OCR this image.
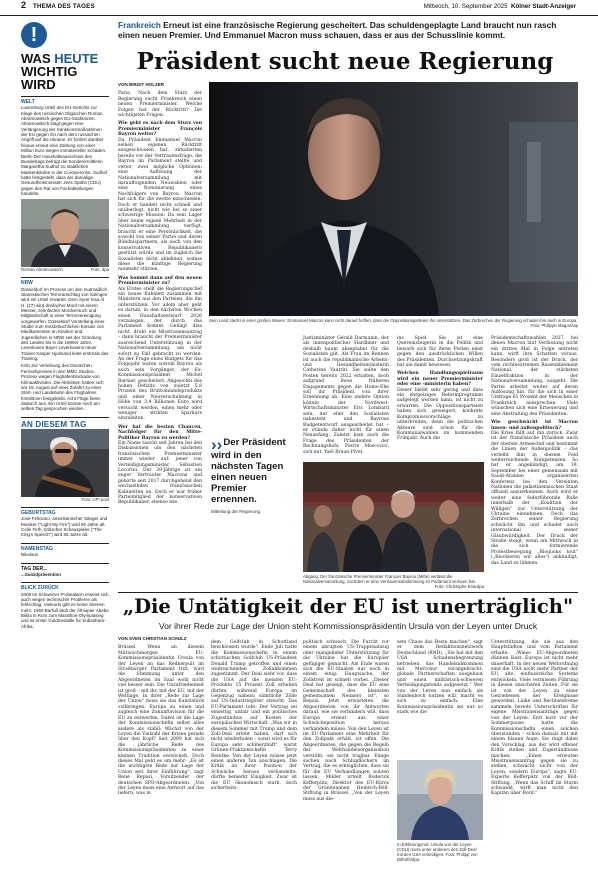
2 THEMA DES TAGES	Mittwoch, 10. September 2025 Kölner Stadt-Anzeiger
!
WAS HEUTE
WICHTIG
WIRD
WELT
Luxemburg Urteil des EU-Gerichts zur Klage des russischen Oligarchen Roman Abramowitsch gegen EU-Sanktionen. Abramowitsch klagt gegen eine Verlängerung der Sanktionsmaßnahmen der EU gegen ihn nach dem russischen Angriff auf die Ukraine. Er fordert darüber hinaus erneut eine Zahlung von einer Million Euro wegen immaterieller Schäden. Berlin Der Haushaltsausschuss des Bundestags befragt die Sonderermittlerin Margaretha Sudhof zu staatlichen Maskenkäufen in der Corona-Krise. Sudhof hatte festgestellt, dass der damalige Gesundheitsminister Jens Spahn (CDU) gegen den Rat von Fachabteilungen handelte.
Roman Abramowitsch	Foto: dpa
NRW
Düsseldorf Im Prozess um den mutmaßlich islamistischen Terroranschlag von Solingen wird ein Urteil erwartet. Dem Syrer Issa Al H. (27) wird dreifacher Mord mit einem Messer, zehnfacher Mordversuch und Mitgliedschaft in einer Terrorvereinigung vorgeworfen. Düsseldorf Vorstellung einer Studie zum missbräuchlichen Einsatz von Medikamenten an Kindern und Jugendlichen in NRW seit der Gründung des Landes bis in die 1980er Jahre. Leverkusen Bayer Leverkusens neuer Trainer Kasper Hjulmand leitet erstmals das Training.
Köln Zur Verleihung des Deutschen Fernsehpreises in den MMC Studios. Prozess wegen Flughafenblockade von Klimaaktivisten. Die Aktivisten hatten sich am 15. August auf einer Zufahrt zu einer Start- und Landebahn des Flughafens Köln/Bonn festgeklebt. Acht Flüge fielen dadurch aus. Ein Urteil könnte noch am selben Tag gesprochen werden.
AN DIESEM TAG
Foto: UPI pool
GEBURTSTAG
José Feliciano, amerikanischer Sänger und Musiker ("Light My Fire") wird 80 Jahre alt. Colin Firth, britischer Schauspieler ("The King's Speech") wird 65 Jahre alt.
NAMENSTAG
Nikolaus
TAG DER...
...Suizidprävention
BLICK ZURÜCK
2008 Im Schweizer Probealarm erweist sich auch wegen technischer Probleme als fehlschlag. Vieleorts gibt es keine Sirenen mehr. 1960 Barfuß läuft der Äthiopier Abebe Bikila in Rom zum Marathon-Olympiasieg und ist erster Goldmedaille für Subsahara-Afrika.
Frankreich Erneut ist eine französische Regierung gescheitert. Das schuldengeplagte Land braucht nun rasch einen neuen Premier. Und Emmanuel Macron muss schauen, dass er aus der Schusslinie kommt.
Präsident sucht neue Regierung
VON BIRGIT HOLZER
Paris. Nach dem Sturz der Regierung sucht Frankreich einen neuen Premierminister. Welche Folgen hat der Rücktritt? Die wichtigsten Fragen.
Wie geht es nach dem Sturz von Premierminister François Bayrou weiter?
Da Präsident Emmanuel Macron seinen eigenen Rücktritt ausgeschlossen hat, zirkulierten bereits vor der Vertrauensfrage, die Bayrou im Parlament stellte und verlor, zwei mögliche Optionen: eine Auflösung der Nationalversammlung mit darauffolgenden Neuwahlen oder eine Nominierung eines Nachfolgers von Bayrou. Macron hat sich für die zweite entschieden. Doch er handelt nicht schnell und unüberlegt, nicht wie bei so einer schwierige Mission: Da sein Lager über keine eigene Mehrheit in der Nationalversammlung verfügt, braucht er eine Persönlichkeit, die sowohl von seiner Partei und deren Bündnispartnern, als auch von den konservativen Republikanern gestützt würde und im zugleich die Sozialisten nicht ablehnen, sodass diese die künftige Regierung nunmehr stürzen.
Was kommt dann auf den neuen Premierminister zu?
Als Erstes stellt die Regierungschef ein neues Kabinett zusammen mit Ministern aus den Parteien, die ihn unterstützen. Vor allem aber geht es darum, in den nächsten Wochen einen Haushaltsentwurf 2026 vorzulegen, der durch das Parlament kommt. Gelingt dies nicht, droht ein Misstrauensantrag – dann braucht der Premierminister ausreichend Unterstützung in der Nationalversammlung, um nicht sofort zu Fall gebracht zu werden. An der Frage eines Budgets für das Folgejahr waren sowohl Bayrou als auch sein Vorgänger, der Ex-Kommissionspräsident Michel Barnier, gescheitert. Angesichts des hohen Defizits von zuletzt 5,8 Prozent des Bruttoinlandsprodukts und einer Neuverschuldung in Höhe von 3,4 Billionen Euro wird versucht werden, einen mehr oder weniger strikten Sparkurs einzuleiten.
Wer hat die besten Chancen, Nachfolger für den Mitte-Politiker Bayrou zu werden?
Ein Name taucht seit Jahren bei den Diskussionen um den nächsten französischen Premierminister immer wieder auf: jener von Verteidigungsminister Sébastien Lecornu. Der 39-Jährige ist ein enger Vertrauter Macrons und gehörte seit 2017 durchgehend den wechselnden französischen Kabinetten an. Doch er war früher Parteimitglied der konservativen Republikaner, ebenso wie
Sein Land steckt in einer großen Misere: Emmanuel Macron kann nicht darauf hoffen, dass die Oppositionsparteien ihn unterstützen. Das Zerbrechen der Regierung schadet ihm auch in Europa.
Foto: Philippe Magoni/ap
››Der Präsident wird in den nächsten Tagen einen neuen Premier ernennen.
Mitteilung der Regierung
Justizminister Gérald Darmanin, der als innenpolitischer Hardliner und deshalb kaum akzeptabel für die Sozialisten gilt. Als Frau im Rennen ist auch die republikanische Arbeits- und Gesundheitsministerin Catherine Vautrin. Sie sollte den Posten bereits 2022 erhalten, doch aufgrund ihres früheren Engagements gegen die Homo-Ehe soll ihr Präsident von ihrer Ernennung ab. Eine andere Option könnte der Nordwest-Wirtschaftsminister Éric Lombard sein, der eher den Sozialisten nahesteht und Bayrous Budgetentwurf ausgearbeitet hat – er stünde daher nicht für einen Neuanfang. Zuletzt kam auch die Frage des Präsidenten der Rechnungshofs, Pierre Moscovici, sich mit, Yaël Braun-Pivet,
ins Spiel. Sie ist eine Quereinsteigerin in die Politik und bewarb sich für ihren Posten einst gegen den ausdrücklichen Willen des Präsidenten. Durchsetzungskraft hat sie damit bewiesen.
Welchen Handlungsspielraum wird ein neuer Premierminister oder eine -ministerin haben?
Dieser bleibt sehr gering und dass ein ehrgeiziges Reformprogramm aufgelegt werden kann, ist nicht zu erwarten. Die Oppositionsparteien haben sich geweigert, konkrete Kompromissvorschläge zu unterbreiten, denn die politischen Akteure sind schon für die Kommunalwahlen im kommenden Frühjahr. Auch die
Präsidentschaftswahlen 2027, bei denen Macron laut Verfassung nicht ein drittes Mal in Folge antreten kann, wirft ihre Schatten voraus. Besonders groß ist der Druck, der vom rechtsextremen Rassemblement National, der stärksten Einzelfraktion in der Nationalversammlung, ausgeht. Die Partei arbeitet weiter auf deren Auflösung hin, für die sich in einer Umfrage 61 Prozent der Menschen in Frankreich aussprechen. Viele wünschen sich eine Erneuerung und eine Abstrafung des Präsidenten.
Wie geschwächt ist Macron innen- und außenpolitisch?
Die Krise fällt auf ihn zurück. Zwar ist der französische Präsident auch der oberste Armeechef und bestimmt die Linien der Außenpolitik – das verleiht ihm in diesem Feld weiterreichende Kompetenzen. So hat er angekündigt, am 19. September bei einer gemeinsam mit Saudi-Arabien organisierten Konferenz bei den Vereinten Nationen die palästinensischen Staat offiziell anzuerkennen. Auch wird er weiter eine federführende Rolle innerhalb der „Koalition der Willigen" zur Unterstützung der Ukraine einnehmen. Doch das Zerbrechen seiner Regierung schwächt ihn und schadet auch international seiner Glaubwürdigkeit. Der Druck der Straße steigt, wenn am Mittwoch in die sich formierende Protestbewegung „Bloquons tout" („Blockieren wir alles") ankündigt, das Land zu lähmen.
Abgang: Der französische Premierminister François Bayrou (Mitte) verlässt die Nationalversammlung, nachdem er eine Vertrauensabstimmung im Parlament verloren hat.
Foto: Christophe Enardpa
„Die Untätigkeit der EU ist unerträglich"
Vor ihrer Rede zur Lage der Union steht Kommissionspräsidentin Ursula von der Leyen unter Druck
VON SVEN CHRISTIAN SCHULZ
Brüssel. Wenn an diesem Mittwochmorgen EU-Kommissionspräsidentin Ursula von der Leyen an das Rednerpult im Straßburger Parlament tritt, wird die Stimmung unter den Abgeordneten im Saal wohl nicht viel besser sein. Die Unzufriedenheit ist groß – mit ihr, mit der EU, mit der Weltlage. In ihrer „Rede zur Lage der Union" muss sie das Kunststück vollbringen, Europa zu einen und zugleich eine Zukunftsvision für die EU zu entwerfen. Dabei ist die Lage der Kommissionschefin selbst alles andere als stabil: Wächst von der Leyen die Vielzahl der Krisen gerade über den Kopf? Seit 2009 hat sich die jährliche Rede des Kommissionspräsidenten zu einer kleinen Tradition entwickelt. Doch dieses Mal geht es um mehr: „Es ist die wichtigste Rede zur Lage der Union seit ihrer Einführung", sagt René Repasi, Vorsitzender der deutschen SPD-Abgeordneten. „Von der Leyen muss eine Antwort auf das liefern, was in
dem Golfclub in Schottland beschlossen wurde". Ende Juli hatte die Kommissionschefin in einem schottischen Golfclub US-Präsident Donald Trump getroffen und einen weitreichenden Zollabkommen zugestimmt. Der Deal sieht vor, dass die USA auf die meisten EU-Produkte 15 Prozent Zoll erheben dürfen, während Europa im Gegenzug nahezu sämtliche Zölle auf US-Industriegüter streicht. Das EU-Parlament tobt: Der Vertrag sei einseitig, unfair und ein politisches Zugeständnis auf Kosten der europäischen Wirtschaft. „Was wir in diesem Sommer mit Trump und dem Zoll-Deal erlebt haben, darf sich nicht wiederholen – sonst wird es für Europa sehr schmerzhaft", warnt Grünen-Fraktionschefin Terry Reintke. Von der Leyen müsse jetzt einen anderen Ton anschlagen. Die Kritik an ihrer Position der Schwäche heraus verhandelte, dürfte bemerkt Einigkeit. Zwar ist die EU ökonomisch stark, doch sicherheits-
politisch schwach. Die Furcht vor einem abrupten US-Truppenabzug oder mangelnder Unterstützung für die Ukraine hat die Europäer gefügiger gemacht. Am Ende waren sich die EU-Staaten nur noch in einem einig: Hauptsache, der Zollstreit ist schnell vorbei. „Dieser Deal hat gezeigt, dass die EU eine Gemeinschaft des kleinsten gemeinsamen Nenners ist", so Repasi. Jetzt erwarteten die Abgeordneten von ihr Antworten darauf, wie sie verhindern will, dass Europa erneut aus einer Schwächeposition heraus verhandeln müsse. Von den Leyen ist im EU-Parlament eine Mehrheit für den Zollpakt erhält, ist offen. Die Abgeordneten, die gegen die Regeln der Welthandelsorganisation verstößt, sei nicht tragbar. Einige suchen nach Schlupflöchern im Vertrag, die es ermöglichen, dass sie für die EU Verhandlungen nutzen lassen. Milder urteilt Roderick Kefferpütz, Direktor des EU-Büros der Grünennahen Heinrich-Böll-Stiftung in Brüssel. „Von der Leyen muss aus die-
sem Chaos das Beste machen", sagt er dem Redaktionsnetzwerk Deutschland (RND). „Sie hat mit den USA Schadensbegrenzung betrieben, das Handelsabkommen mit Mercosur vorangebracht, globale Partnerschaften ausgebaut und einen militärisch-schweren Verteidigungsfonds aufgesetzt." Wer von der Leyen nun einfach als Sündenbock nutzen will, macht es sich zu einfach: Eine Kommissionspräsidentin sei nur so stark wie die
In Erklärungsnot: Ursula von der Leyen (CDU) muss unter anderem den Zoll-Deal mit den USA verteidigen. Foto: Philipp von Ditfurth/dpa
Unterstützung, die sie aus den Hauptstädten und vom Parlament erhalte. „Wieso EU-Abgeordneten dünnen lässt: Europa ist nicht mehr dauerhaft. In der neuen Weltordnung sind die USA nicht mehr Partner der EU, alte, einflussreiche Systeme entwickeln. Viele vermissen Führung in diesen unsicheren Zeiten. Für sie ist von der Leyen zu einer Getriebenen der Ereignisse geworden. Linke und Rechtsextreme sammeln bereits Unterschriften für eigene Misstrauensanträge gegen von der Leyen. Erst kurz vor der Sommerpause hatte die Kommissionschefin einen solchen überstanden – schon damals mit mit einem blauen Auge. Sie ringt dabei den Vorschlag, aus der wird offener Kritik stellen und Zugeständnisse machen. „Einen erneuten Misstrauensantrag gegen sie zu stellen, schwächt nicht von der Leyen, sondern Europa", sagte EU-Experte Kefferpütz von der Böll-Stiftung. „Wenn das Schiff im Sturm schwankt, wirft man nicht den Kapitän über Bord."
